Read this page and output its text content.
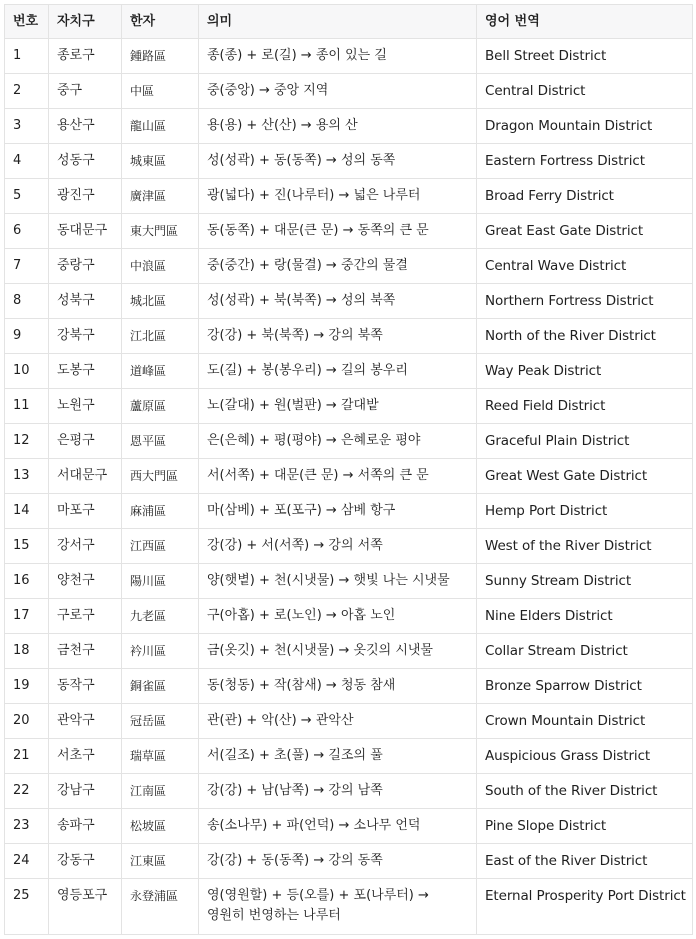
번호	자치구	한자	의미	영어 번역
1	종로구	鍾路區	종(종) + 로(길) → 종이 있는 길	Bell Street District
2	중구	中區	중(중앙) → 중앙 지역	Central District
3	용산구	龍山區	용(용) + 산(산) → 용의 산	Dragon Mountain District
4	성동구	城東區	성(성곽) + 동(동쪽) → 성의 동쪽	Eastern Fortress District
5	광진구	廣津區	광(넓다) + 진(나루터) → 넓은 나루터	Broad Ferry District
6	동대문구	東大門區	동(동쪽) + 대문(큰 문) → 동쪽의 큰 문	Great East Gate District
7	중랑구	中浪區	중(중간) + 랑(물결) → 중간의 물결	Central Wave District
8	성북구	城北區	성(성곽) + 북(북쪽) → 성의 북쪽	Northern Fortress District
9	강북구	江北區	강(강) + 북(북쪽) → 강의 북쪽	North of the River District
10	도봉구	道峰區	도(길) + 봉(봉우리) → 길의 봉우리	Way Peak District
11	노원구	蘆原區	노(갈대) + 원(벌판) → 갈대밭	Reed Field District
12	은평구	恩平區	은(은혜) + 평(평야) → 은혜로운 평야	Graceful Plain District
13	서대문구	西大門區	서(서쪽) + 대문(큰 문) → 서쪽의 큰 문	Great West Gate District
14	마포구	麻浦區	마(삼베) + 포(포구) → 삼베 항구	Hemp Port District
15	강서구	江西區	강(강) + 서(서쪽) → 강의 서쪽	West of the River District
16	양천구	陽川區	양(햇볕) + 천(시냇물) → 햇빛 나는 시냇물	Sunny Stream District
17	구로구	九老區	구(아홉) + 로(노인) → 아홉 노인	Nine Elders District
18	금천구	衿川區	금(옷깃) + 천(시냇물) → 옷깃의 시냇물	Collar Stream District
19	동작구	銅雀區	동(청동) + 작(참새) → 청동 참새	Bronze Sparrow District
20	관악구	冠岳區	관(관) + 악(산) → 관악산	Crown Mountain District
21	서초구	瑞草區	서(길조) + 초(풀) → 길조의 풀	Auspicious Grass District
22	강남구	江南區	강(강) + 남(남쪽) → 강의 남쪽	South of the River District
23	송파구	松坡區	송(소나무) + 파(언덕) → 소나무 언덕	Pine Slope District
24	강동구	江東區	강(강) + 동(동쪽) → 강의 동쪽	East of the River District
25	영등포구	永登浦區	영(영원할) + 등(오를) + 포(나루터) → 영원히 번영하는 나루터	Eternal Prosperity Port District
